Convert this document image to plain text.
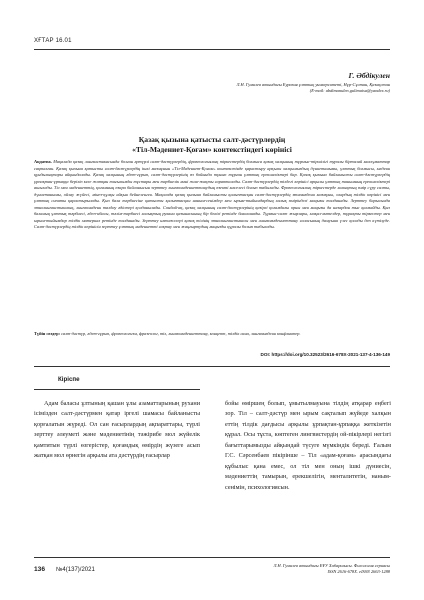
ХҒТАР 16.01
Г. Әбдікулен
Л.Н. Гумилев атындағы Еуразия ұлттық университеті, Нұр-Сұлтан, Қазақстан
(E-mail: abdimanulen.gulimaisa@yandex.ru)
Қазақ қызына қатысты салт-дәстүрлердің
«Тіл-Мәдениет-Қоғам» контекстіндегі көрінісі
Аңдатпа. Мақалада қазақ лингвистикасында болған әртүрлі салт-дәстүрлердің, фразеологиялық тіркестердің болмыса қазақ халқының тұрмыс-тіршілігі туралы бірталай мағлұматтар сақталған. Қазақ қызына қатысты салт-дәстүрлердің ішкі мазмұнын «Тіл-Мәдениет-Қоғам» контекстінде қарастыру арқылы халқымыздың дүниетанымы, ұлттық болмысы, мәдени құндылықтары айқындалады. Қазақ халқының әдет-ғұрып, салт-дәстүрлерінің өз бойында тұнып тұрған ұлттық ерекшеліктері бар. Қазақ қызына байланысты салт-дәстүрлердің ұрпақтан-ұрпаққа беріліп келе жатқан тағылымды тұстары мен тәрбиелік мәні жан-жақты сарапталады. Салт-дәстүрлердің тілдегі көрінісі арқылы ұлттық танымның ерекшеліктері ашылады. Тіл мен мәдениеттің, қоғамның өзара байланысын зерттеу лингвомәдениеттанудың өзекті мәселесі болып табылады. Фразеологиялық тіркестерде халықтың өмір сүру салты, дүниетанымы, ойлау жүйесі, мінез-құлқы айқын бейнеленген. Мақалада қазақ қызына байланысты қалыптасқан салт-дәстүрлердің этномәдени мазмұны, олардың тілдік көрінісі мен ұлттық сипаты қарастырылады. Қыз бала тәрбиесіне қатысты қалыптасқан наным-сенімдер мен ырым-тыйымдардың халық өміріндегі маңызы талданады. Зерттеу барысында этнолингвистикалық, лингвомәдени талдау әдістері қолданылады. Сондай-ақ, қазақ халқының салт-дәстүрлерінің қазіргі қоғамдағы орны мен маңызы да назардан тыс қалмайды. Қыз баланың ұлттық тәрбиесі, әдеп-ибасы, тәлім-тәрбиесі халықтың рухани қазынасының бір бөлігі ретінде бағаланады. Тұрмыс-салт жырлары, мақал-мәтелдер, тұрақты тіркестер мен ырым-тыйымдар тілдік материал ретінде талданады. Зерттеу нәтижелері қазақ тілінің этнолингвистикасы мен лингвомәдениеттану саласының дамуына үлес қосады деп күтілуде. Салт-дәстүрлердің тілдік көрінісін зерттеу ұлттық мәдениетті сақтау мен жаңғыртудың маңызды құралы болып табылады.
Түйін сөздер: салт-дәстүр, әдет-ғұрып, фразеологизм, фразеолог, тіл, лингвомәдениеттану, концепт, тілдік сана, лингвомәдени конфликтер.
DOI: https://doi.org/10.32523/2616-678X-2021-137-4-136-149
Кіріспе

Адам баласы ұлтының қашан ұлы азаматтарының рухани ісімізден салт-дәстүрмен қатар іргелі шамасы байланысты қорғалатын жүреді. Ол сан ғасырлардың ақпараттары, түрлі зерттеу әлеуметі және мәдениетінің тәжірибе мол жүйелік қамтитын түрлі өзгерістер, қоғамдық өмірдің жүзеге асып жатқан мол өрнегін арқылы ата дәстүрдің ғасырлар

бойы өміршең болып, ұмытылмауына тілдің атқарар еңбегі зор. Тіл – салт-дәстүр мен ырым сақталып жүйеде халқын еттің тілдік дағдысы арқылы ұрпақтан-ұрпаққа жеткізетін құрал. Осы тұста, көптеген лингвистердің ой-пікірлері негізгі бағыттарымызды айқындай түсуге мүмкіндік береді. Ғалым Г.С. Сәрсенбаев пікірінше – Тіл «адам-қоғам» арасындағы құбылыс қана емес, ол тіл мен оның ішкі дүниесін, мәдениеттің тамырын, ерекшелігін, менталитетін, наным-сенімін, психологиясын.

136 №4(137)/2021
Л.Н. Гумилев атындағы ЕҰУ Хабаршысы. Филология сериясы
ISSN 2616-678X. eISSN 2663-1288
